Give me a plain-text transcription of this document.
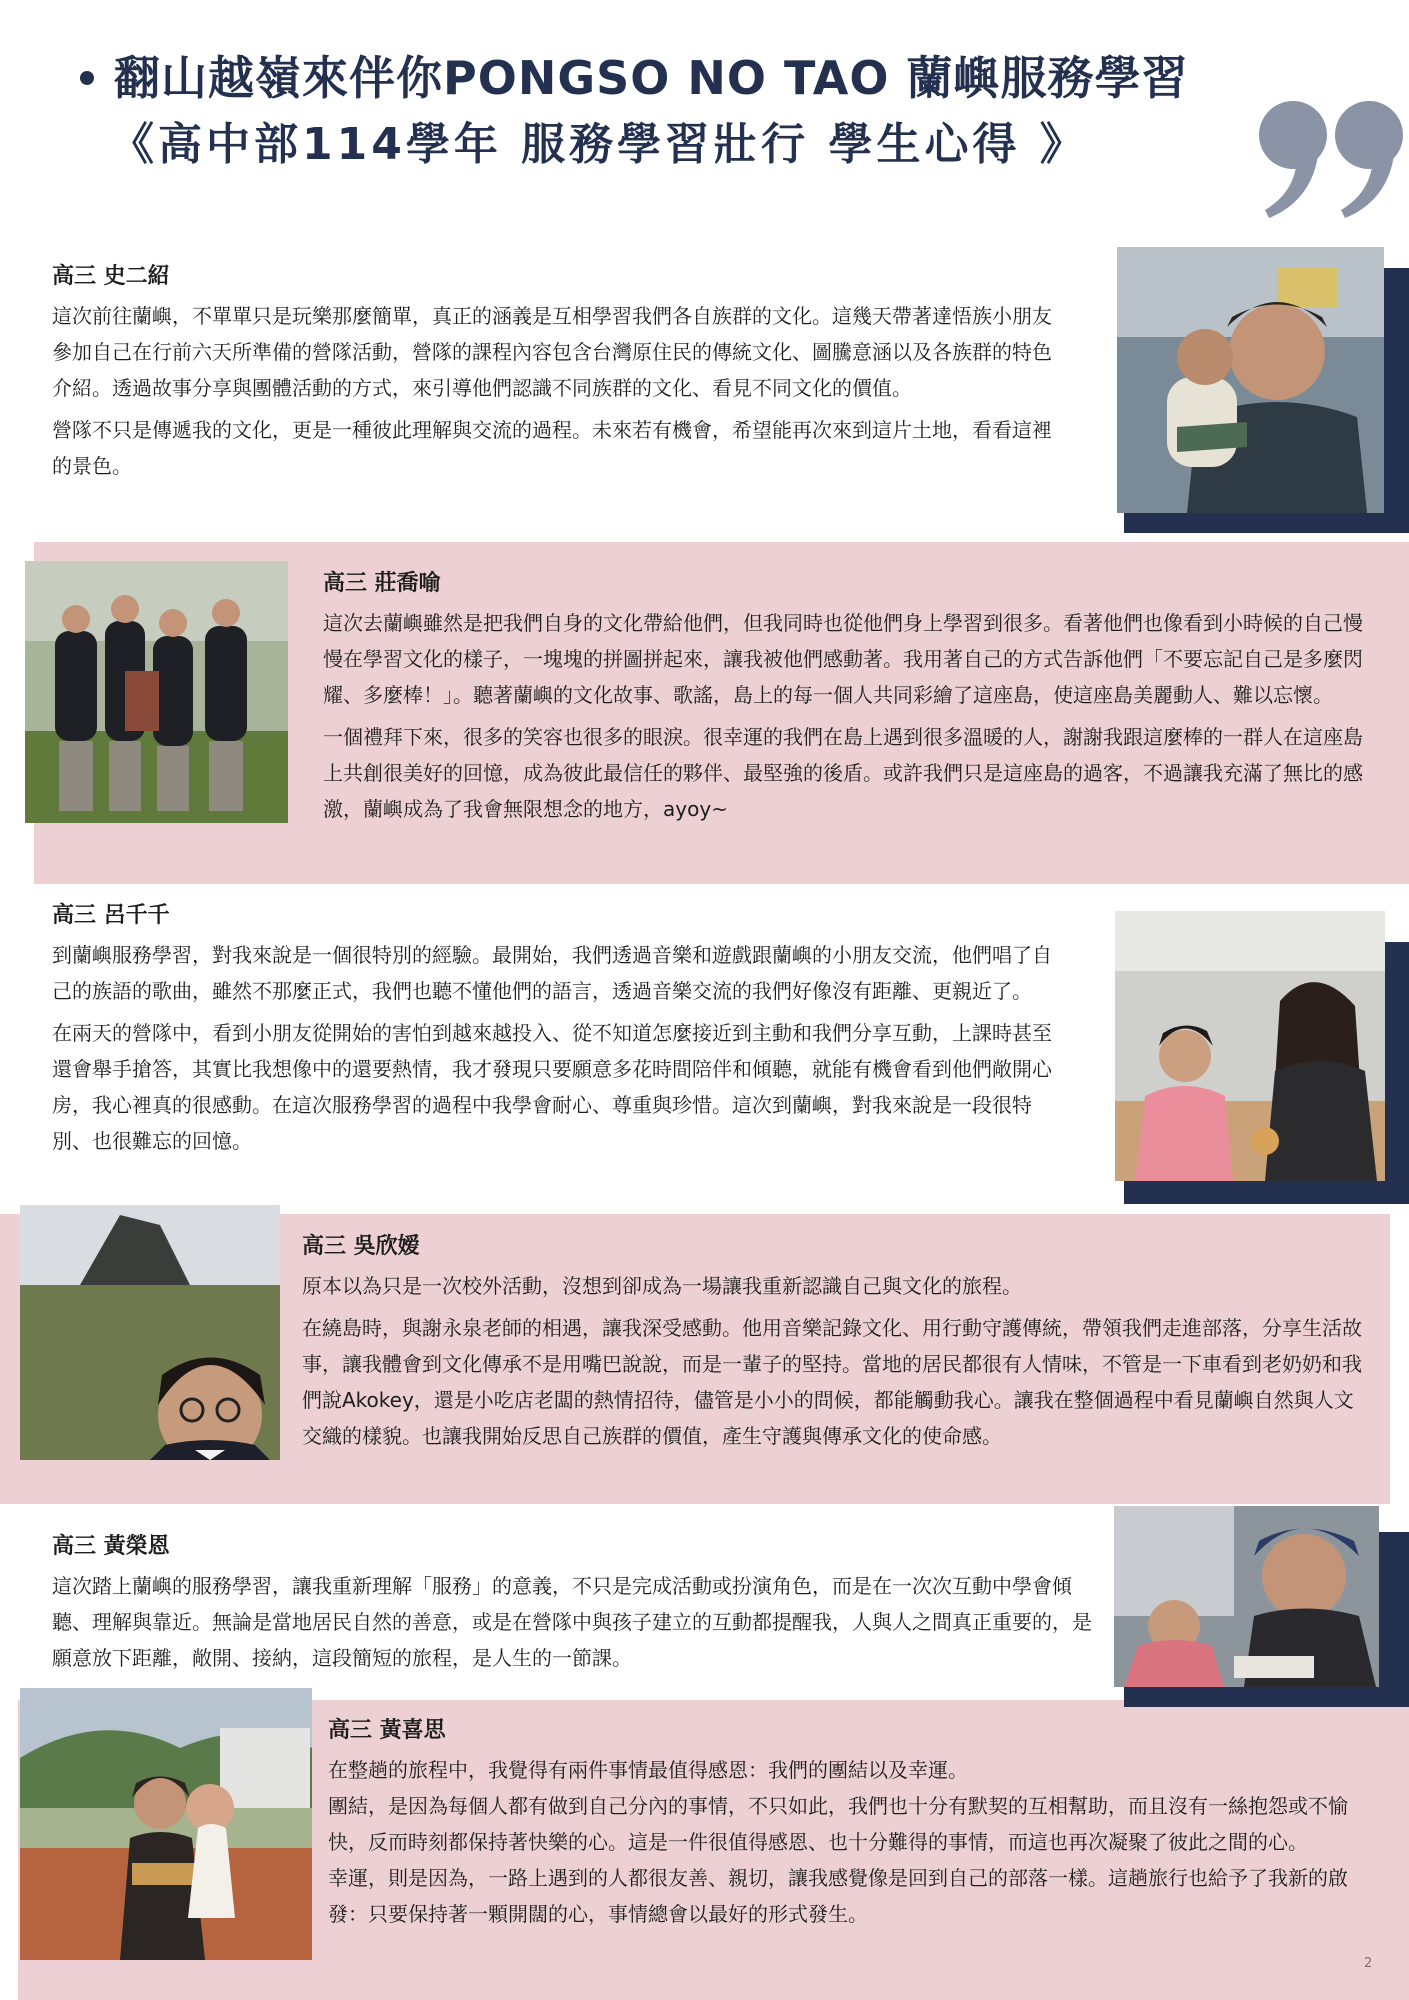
翻山越嶺來伴你PONGSO NO TAO 蘭嶼服務學習
《高中部114學年 服務學習壯行 學生心得 》
高三 史二紹

這次前往蘭嶼，不單單只是玩樂那麼簡單，真正的涵義是互相學習我們各自族群的文化。這幾天帶著達悟族小朋友參加自己在行前六天所準備的營隊活動，營隊的課程內容包含台灣原住民的傳統文化、圖騰意涵以及各族群的特色介紹。透過故事分享與團體活動的方式，來引導他們認識不同族群的文化、看見不同文化的價值。

營隊不只是傳遞我的文化，更是一種彼此理解與交流的過程。未來若有機會，希望能再次來到這片土地，看看這裡的景色。

高三 莊喬喻

這次去蘭嶼雖然是把我們自身的文化帶給他們，但我同時也從他們身上學習到很多。看著他們也像看到小時候的自己慢慢在學習文化的樣子，一塊塊的拼圖拼起來，讓我被他們感動著。我用著自己的方式告訴他們「不要忘記自己是多麼閃耀、多麼棒！」。聽著蘭嶼的文化故事、歌謠，島上的每一個人共同彩繪了這座島，使這座島美麗動人、難以忘懷。

一個禮拜下來，很多的笑容也很多的眼淚。很幸運的我們在島上遇到很多溫暖的人，謝謝我跟這麼棒的一群人在這座島上共創很美好的回憶，成為彼此最信任的夥伴、最堅強的後盾。或許我們只是這座島的過客，不過讓我充滿了無比的感激，蘭嶼成為了我會無限想念的地方，ayoy~

高三 呂千千

到蘭嶼服務學習，對我來說是一個很特別的經驗。最開始，我們透過音樂和遊戲跟蘭嶼的小朋友交流，他們唱了自己的族語的歌曲，雖然不那麼正式，我們也聽不懂他們的語言，透過音樂交流的我們好像沒有距離、更親近了。

在兩天的營隊中，看到小朋友從開始的害怕到越來越投入、從不知道怎麼接近到主動和我們分享互動，上課時甚至還會舉手搶答，其實比我想像中的還要熱情，我才發現只要願意多花時間陪伴和傾聽，就能有機會看到他們敞開心房，我心裡真的很感動。在這次服務學習的過程中我學會耐心、尊重與珍惜。這次到蘭嶼，對我來說是一段很特別、也很難忘的回憶。

高三 吳欣嫒

原本以為只是一次校外活動，沒想到卻成為一場讓我重新認識自己與文化的旅程。

在繞島時，與謝永泉老師的相遇，讓我深受感動。他用音樂記錄文化、用行動守護傳統，帶領我們走進部落，分享生活故事，讓我體會到文化傳承不是用嘴巴說說，而是一輩子的堅持。當地的居民都很有人情味，不管是一下車看到老奶奶和我們說Akokey，還是小吃店老闆的熱情招待，儘管是小小的問候，都能觸動我心。讓我在整個過程中看見蘭嶼自然與人文交織的樣貌。也讓我開始反思自己族群的價值，產生守護與傳承文化的使命感。

高三 黃榮恩

這次踏上蘭嶼的服務學習，讓我重新理解「服務」的意義，不只是完成活動或扮演角色，而是在一次次互動中學會傾聽、理解與靠近。無論是當地居民自然的善意，或是在營隊中與孩子建立的互動都提醒我，人與人之間真正重要的，是願意放下距離，敞開、接納，這段簡短的旅程，是人生的一節課。

高三 黃喜思

在整趟的旅程中，我覺得有兩件事情最值得感恩：我們的團結以及幸運。

團結，是因為每個人都有做到自己分內的事情，不只如此，我們也十分有默契的互相幫助，而且沒有一絲抱怨或不愉快，反而時刻都保持著快樂的心。這是一件很值得感恩、也十分難得的事情，而這也再次凝聚了彼此之間的心。

幸運，則是因為，一路上遇到的人都很友善、親切，讓我感覺像是回到自己的部落一樣。這趟旅行也給予了我新的啟發：只要保持著一顆開闊的心，事情總會以最好的形式發生。

2
